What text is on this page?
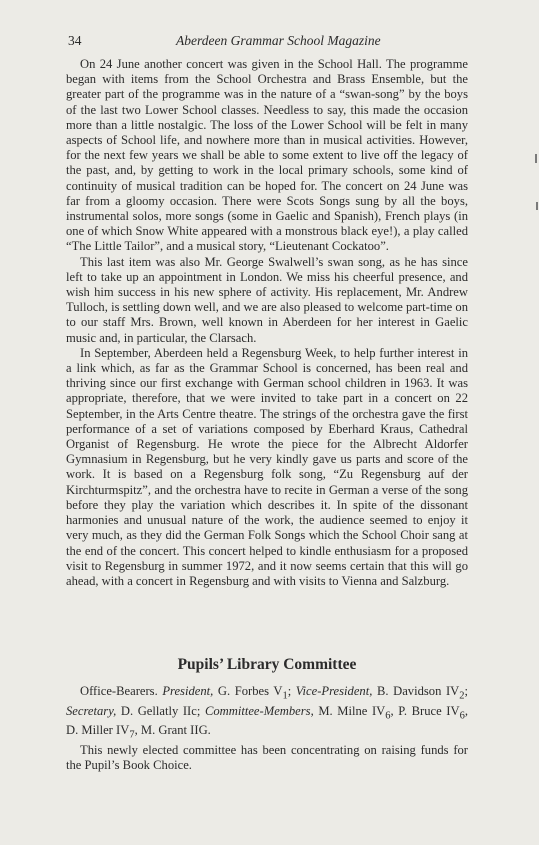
34	Aberdeen Grammar School Magazine

On 24 June another concert was given in the School Hall. The programme began with items from the School Orchestra and Brass Ensemble, but the greater part of the programme was in the nature of a “swan-song” by the boys of the last two Lower School classes. Needless to say, this made the occasion more than a little nostalgic. The loss of the Lower School will be felt in many aspects of School life, and nowhere more than in musical activities. However, for the next few years we shall be able to some extent to live off the legacy of the past, and, by getting to work in the local primary schools, some kind of continuity of musical tradition can be hoped for. The concert on 24 June was far from a gloomy occasion. There were Scots Songs sung by all the boys, instrumental solos, more songs (some in Gaelic and Spanish), French plays (in one of which Snow White appeared with a monstrous black eye!), a play called “The Little Tailor”, and a musical story, “Lieutenant Cockatoo”.

This last item was also Mr. George Swalwell’s swan song, as he has since left to take up an appointment in London. We miss his cheerful presence, and wish him success in his new sphere of activity. His replacement, Mr. Andrew Tulloch, is settling down well, and we are also pleased to welcome part-time on to our staff Mrs. Brown, well known in Aberdeen for her interest in Gaelic music and, in particular, the Clarsach.

In September, Aberdeen held a Regensburg Week, to help further interest in a link which, as far as the Grammar School is concerned, has been real and thriving since our first exchange with German school children in 1963. It was appropriate, therefore, that we were invited to take part in a concert on 22 September, in the Arts Centre theatre. The strings of the orchestra gave the first performance of a set of variations composed by Eberhard Kraus, Cathedral Organist of Regensburg. He wrote the piece for the Albrecht Aldorfer Gymnasium in Regensburg, but he very kindly gave us parts and score of the work. It is based on a Regensburg folk song, “Zu Regensburg auf der Kirchturmspitz”, and the orchestra have to recite in German a verse of the song before they play the variation which describes it. In spite of the dissonant harmonies and unusual nature of the work, the audience seemed to enjoy it very much, as they did the German Folk Songs which the School Choir sang at the end of the concert. This concert helped to kindle enthusiasm for a proposed visit to Regensburg in summer 1972, and it now seems certain that this will go ahead, with a concert in Regensburg and with visits to Vienna and Salzburg.

Pupils’ Library Committee

Office-Bearers. President, G. Forbes $V_1$; Vice-President, B. Davidson $IV_2$; Secretary, D. Gellatly IIc; Committee-Members, M. Milne $IV_6$, P. Bruce $IV_6$, D. Miller $IV_7$, M. Grant IIG.

This newly elected committee has been concentrating on raising funds for the Pupil’s Book Choice.
